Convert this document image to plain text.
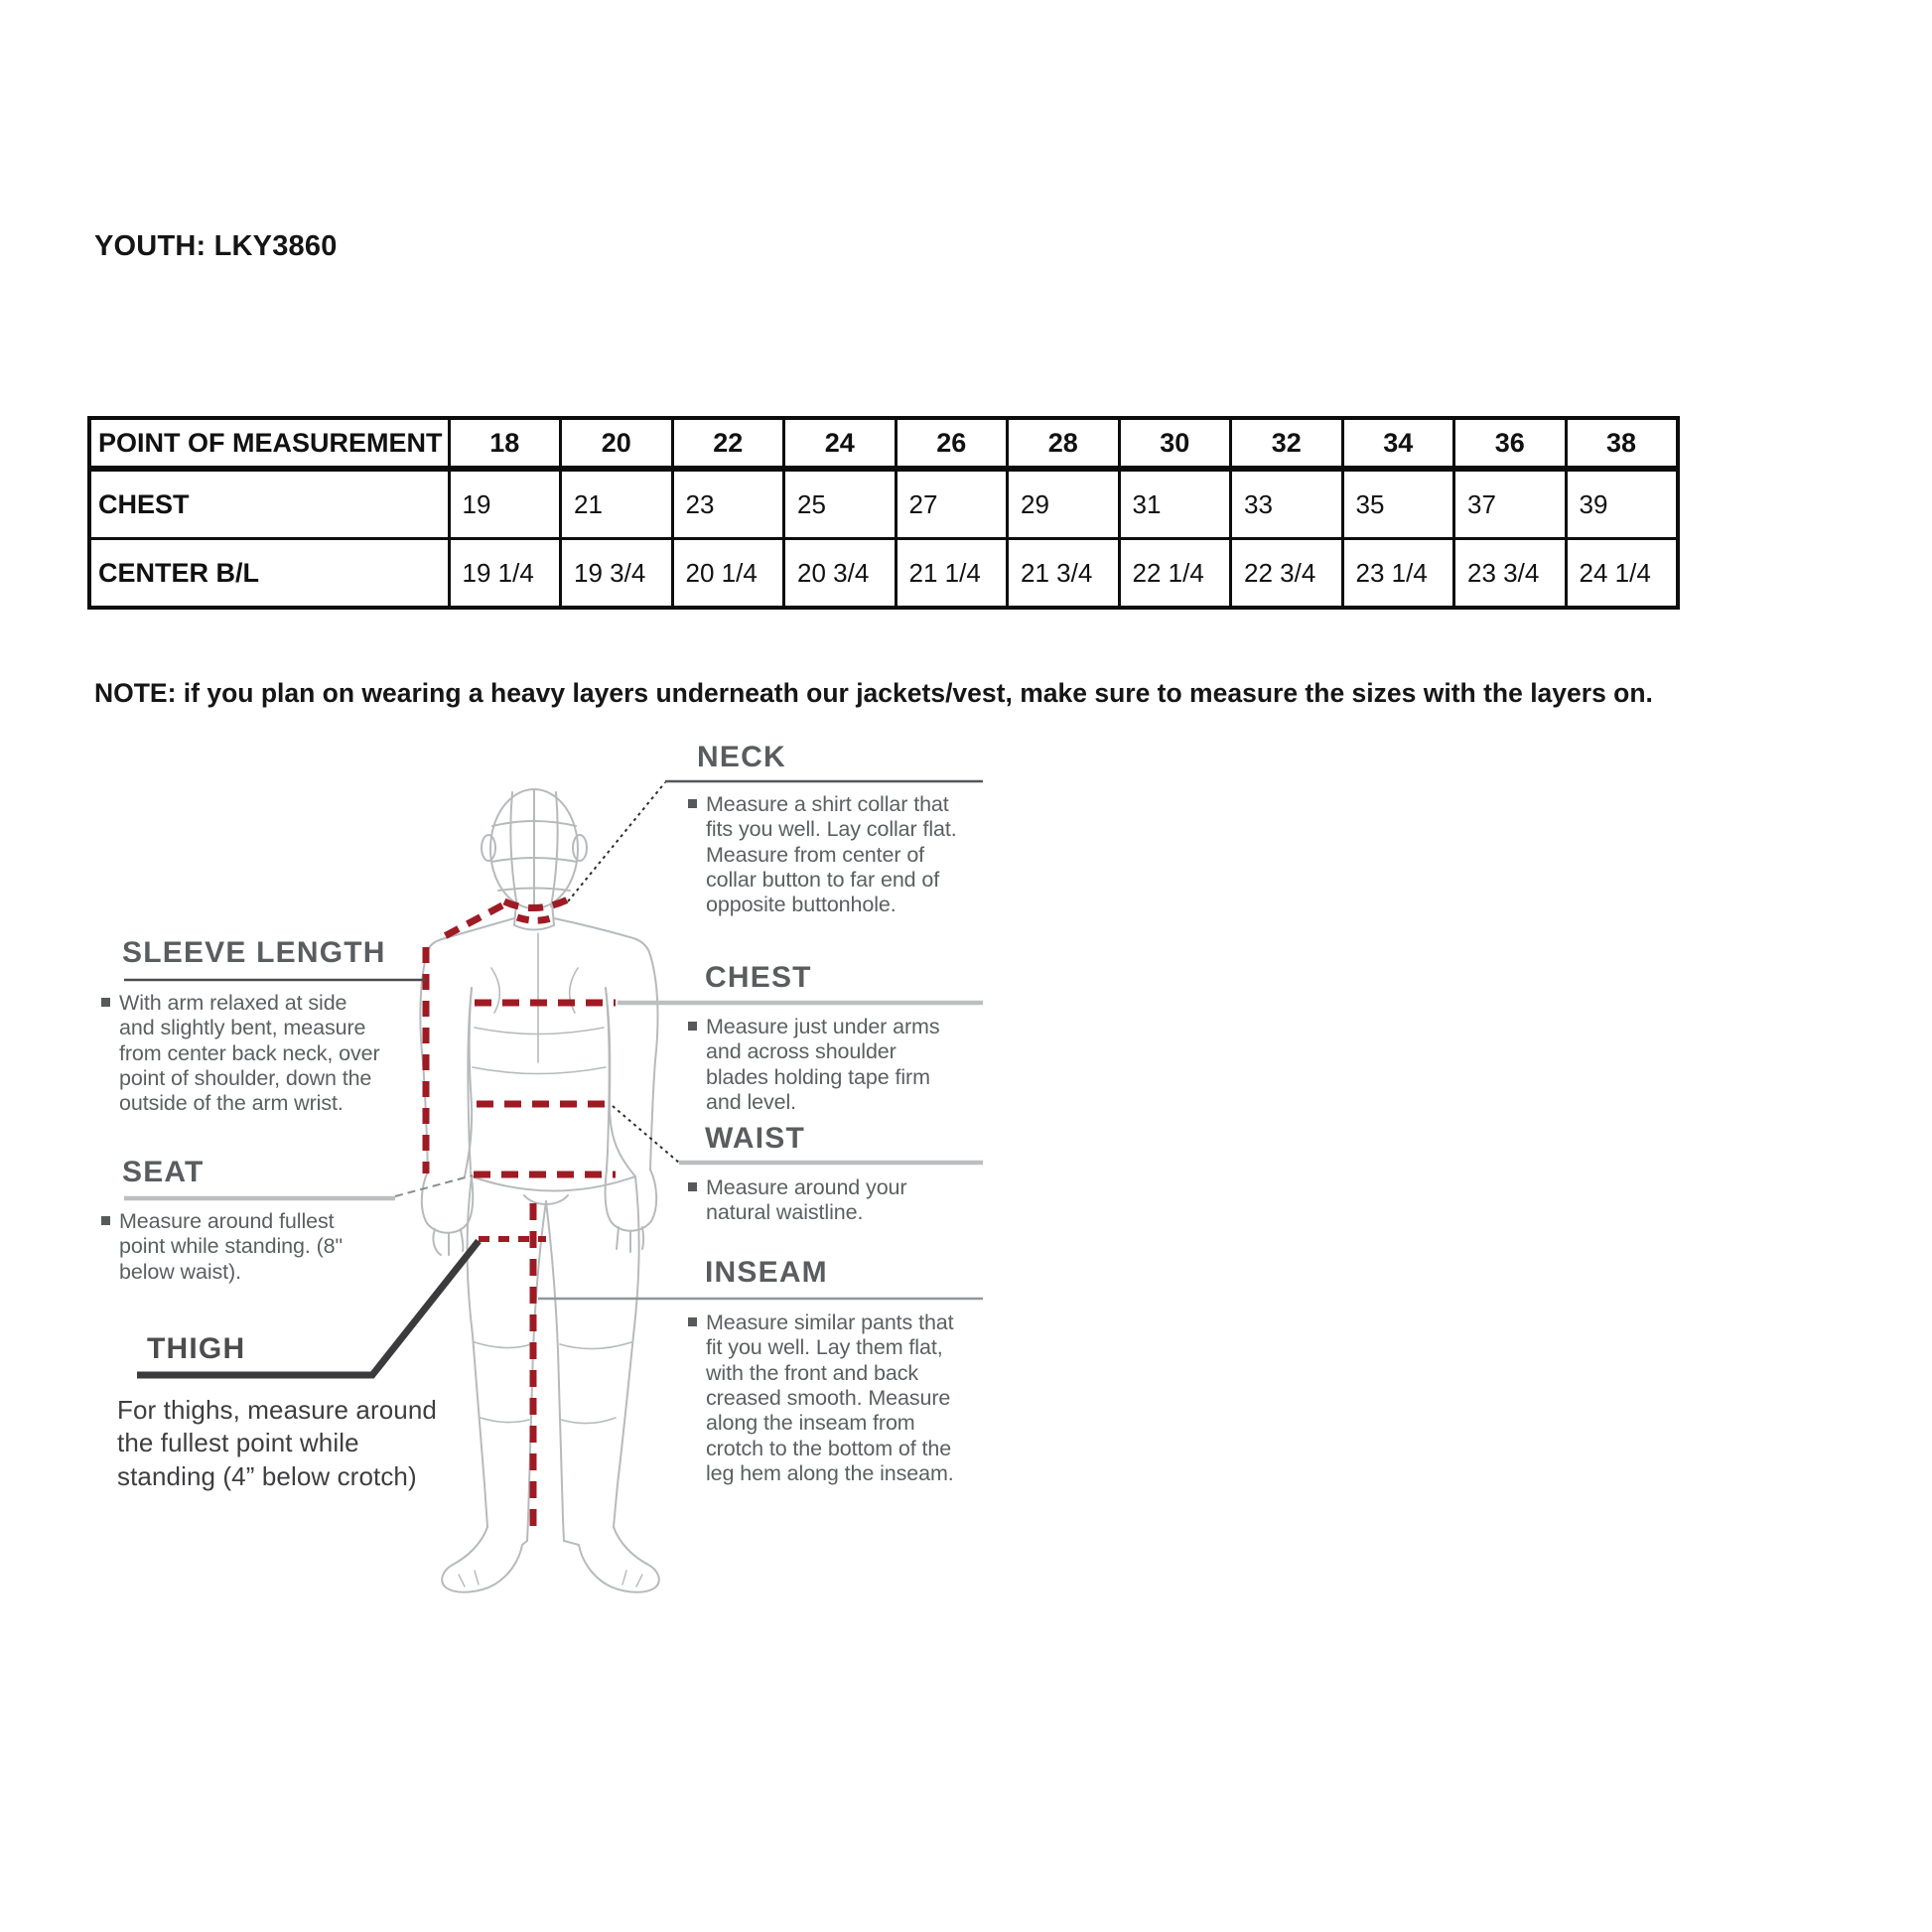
YOUTH: LKY3860
POINT OF MEASUREMENT	18	20	22	24	26	28	30	32	34	36	38
CHEST	19	21	23	25	27	29	31	33	35	37	39
CENTER B/L	19 1/4	19 3/4	20 1/4	20 3/4	21 1/4	21 3/4	22 1/4	22 3/4	23 1/4	23 3/4	24 1/4
NOTE: if you plan on wearing a heavy layers underneath our jackets/vest, make sure to measure the sizes with the layers on.
NECK
Measure a shirt collar that fits you well. Lay collar flat. Measure from center of collar button to far end of opposite buttonhole.
SLEEVE LENGTH
With arm relaxed at side and slightly bent, measure from center back neck, over point of shoulder, down the outside of the arm wrist.
CHEST
Measure just under arms and across shoulder blades holding tape firm and level.
WAIST
Measure around your natural waistline.
SEAT
Measure around fullest point while standing. (8" below waist).	INSEAM
Measure similar pants that fit you well. Lay them flat, with the front and back creased smooth. Measure along the inseam from crotch to the bottom of the leg hem along the inseam.
THIGH
For thighs, measure around the fullest point while standing (4” below crotch)
